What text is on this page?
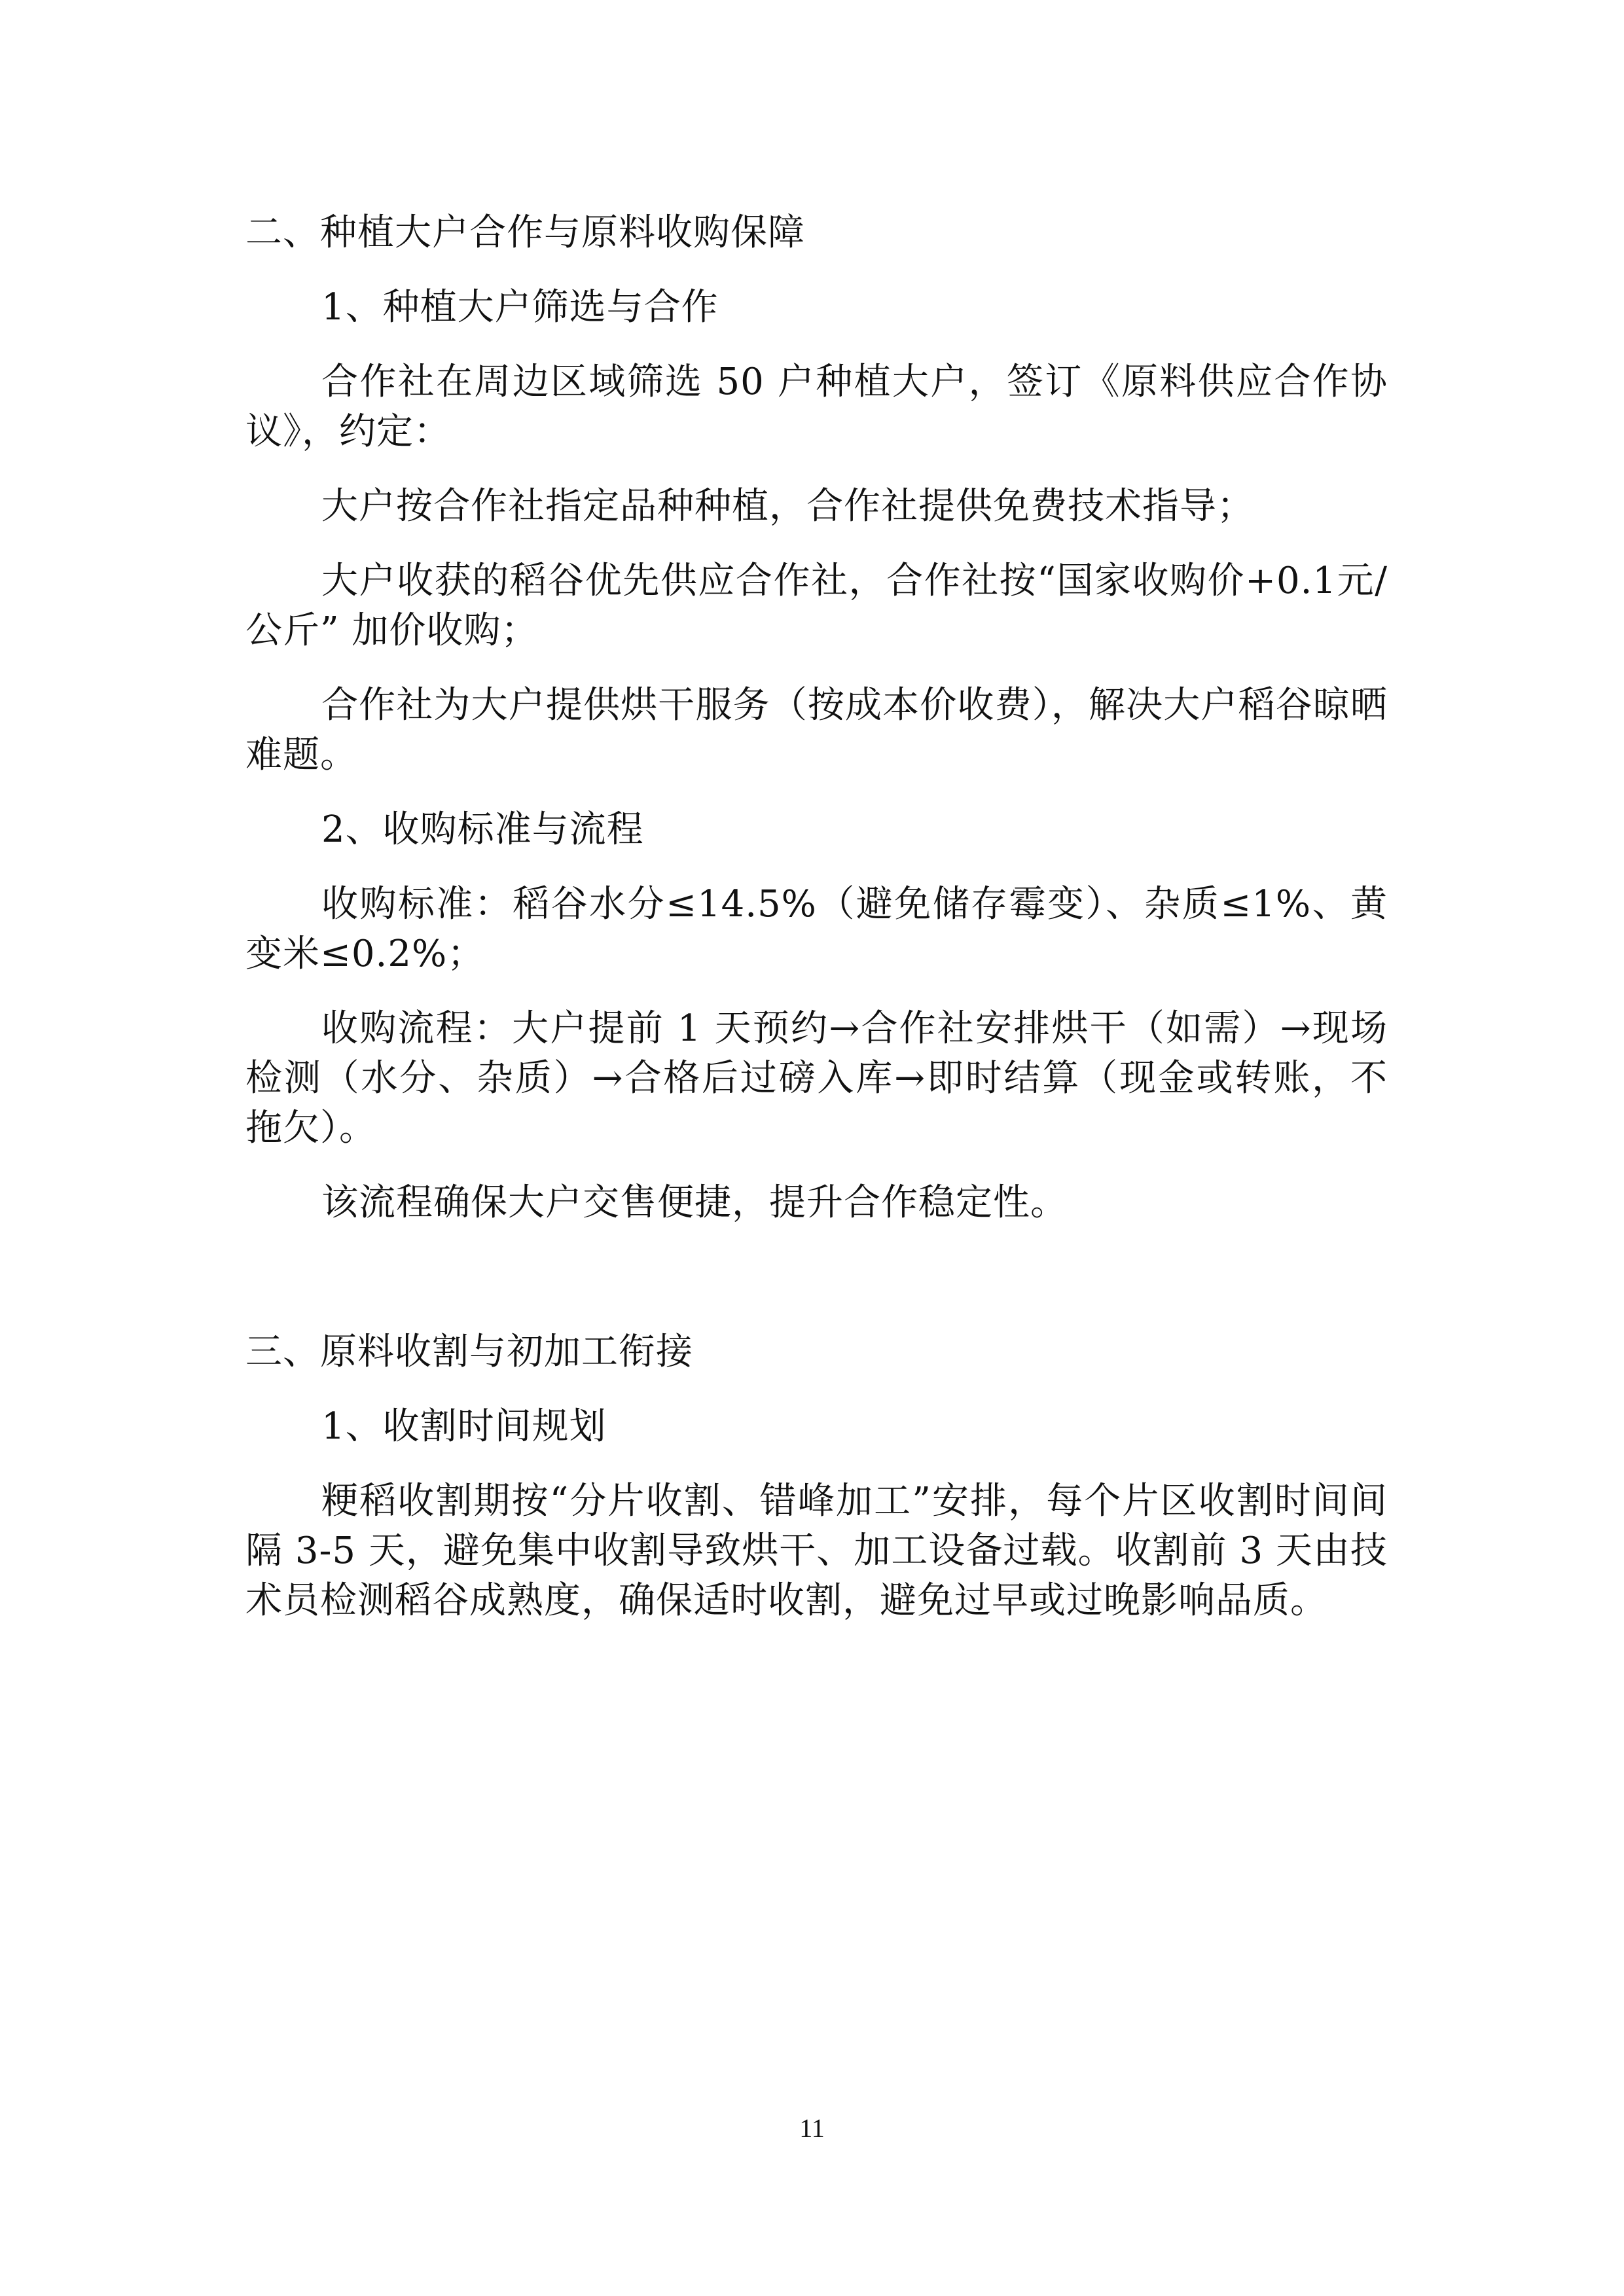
二、种植大户合作与原料收购保障

1、种植大户筛选与合作

合作社在周边区域筛选 50 户种植大户，签订《原料供应合作协议》，约定：

大户按合作社指定品种种植，合作社提供免费技术指导；

大户收获的稻谷优先供应合作社，合作社按“国家收购价+0.1元/公斤” 加价收购；

合作社为大户提供烘干服务（按成本价收费），解决大户稻谷晾晒难题。

2、收购标准与流程

收购标准：稻谷水分≤14.5%（避免储存霉变）、杂质≤1%、黄变米≤0.2%；

收购流程：大户提前 1 天预约→合作社安排烘干（如需）→现场检测（水分、杂质）→合格后过磅入库→即时结算（现金或转账，不拖欠）。

该流程确保大户交售便捷，提升合作稳定性。

三、原料收割与初加工衔接

1、收割时间规划

粳稻收割期按“分片收割、错峰加工”安排，每个片区收割时间间隔 3-5 天，避免集中收割导致烘干、加工设备过载。收割前 3 天由技术员检测稻谷成熟度，确保适时收割，避免过早或过晚影响品质。

11
